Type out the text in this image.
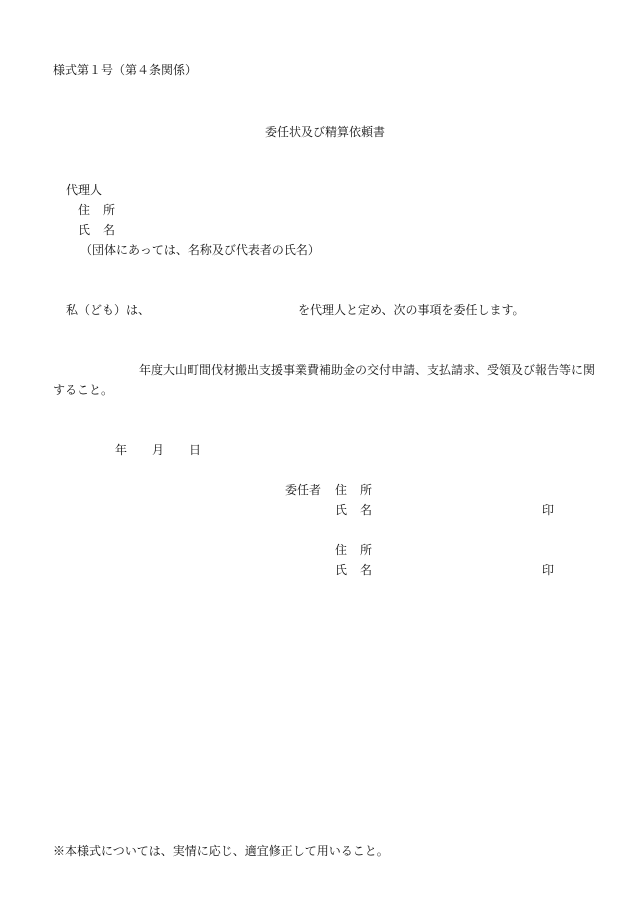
様式第１号（第４条関係）
委任状及び精算依頼書
代理人
住 所
氏 名
（団体にあっては、名称及び代表者の氏名）
私（ども）は、	を代理人と定め、次の事項を委任します。
年度大山町間伐材搬出支援事業費補助金の交付申請、支払請求、受領及び報告等に関
すること。
年 月 日
委任者 住 所
氏 名	印
住 所
氏 名	印
※本様式については、実情に応じ、適宜修正して用いること。
